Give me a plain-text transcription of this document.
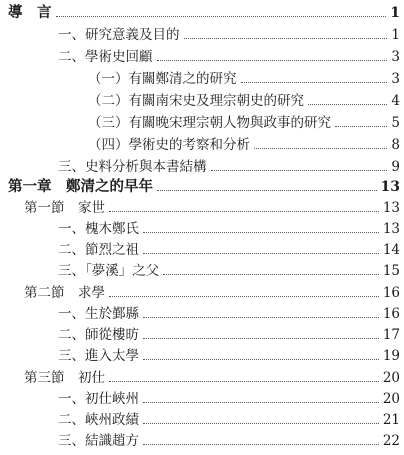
導　言	1
一、研究意義及目的	1
二、學術史回顧	3
（一）有關鄭清之的研究	3
（二）有關南宋史及理宗朝史的研究	4
（三）有關晚宋理宗朝人物與政事的研究	5
（四）學術史的考察和分析	8
三、史料分析與本書結構	9
第一章　鄭清之的早年	13
第一節　家世	13
一、槐木鄭氏	13
二、節烈之祖	14
三、「夢溪」之父	15
第二節　求學	16
一、生於鄞縣	16
二、師從樓昉	17
三、進入太學	19
第三節　初仕	20
一、初仕峽州	20
二、峽州政績	21
三、結識趙方	22
